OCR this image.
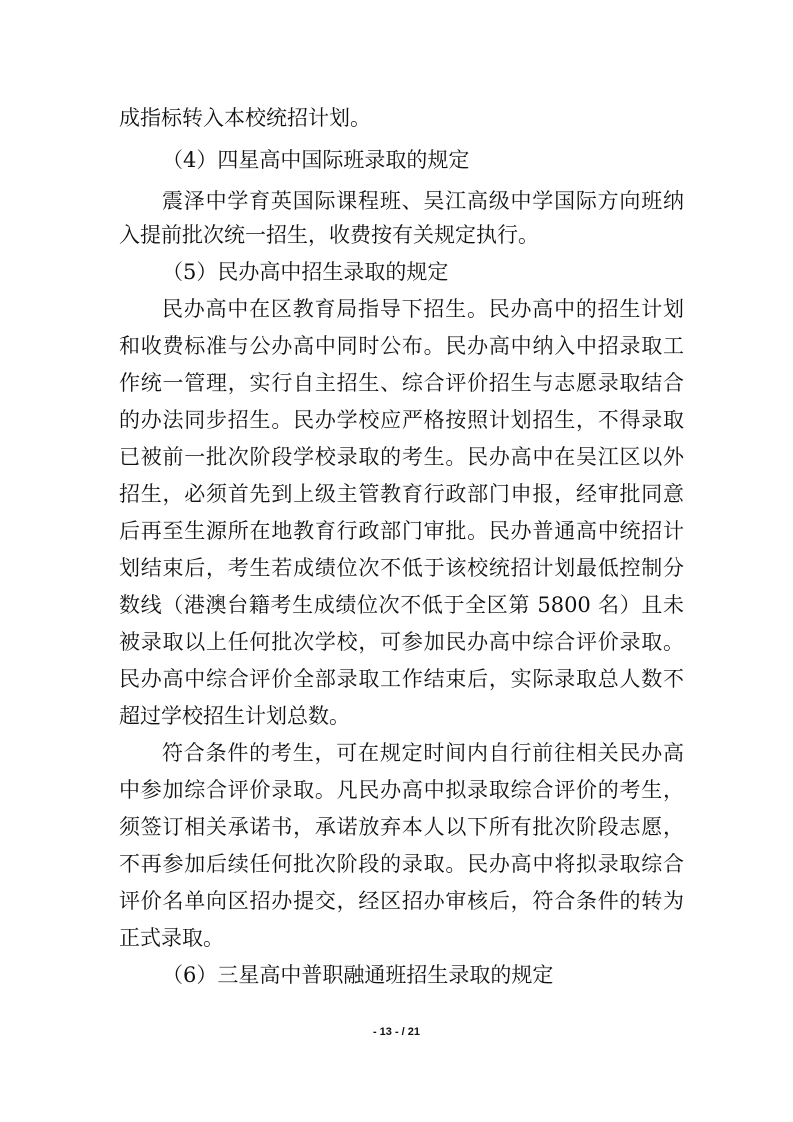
成指标转入本校统招计划。
（4）四星高中国际班录取的规定
震泽中学育英国际课程班、吴江高级中学国际方向班纳
入提前批次统一招生，收费按有关规定执行。
（5）民办高中招生录取的规定
民办高中在区教育局指导下招生。民办高中的招生计划
和收费标准与公办高中同时公布。民办高中纳入中招录取工
作统一管理，实行自主招生、综合评价招生与志愿录取结合
的办法同步招生。民办学校应严格按照计划招生，不得录取
已被前一批次阶段学校录取的考生。民办高中在吴江区以外
招生，必须首先到上级主管教育行政部门申报，经审批同意
后再至生源所在地教育行政部门审批。民办普通高中统招计
划结束后，考生若成绩位次不低于该校统招计划最低控制分
数线（港澳台籍考生成绩位次不低于全区第 5800 名）且未
被录取以上任何批次学校，可参加民办高中综合评价录取。
民办高中综合评价全部录取工作结束后，实际录取总人数不
超过学校招生计划总数。
符合条件的考生，可在规定时间内自行前往相关民办高
中参加综合评价录取。凡民办高中拟录取综合评价的考生，
须签订相关承诺书，承诺放弃本人以下所有批次阶段志愿，
不再参加后续任何批次阶段的录取。民办高中将拟录取综合
评价名单向区招办提交，经区招办审核后，符合条件的转为
正式录取。
（6）三星高中普职融通班招生录取的规定
- 13 - / 21
